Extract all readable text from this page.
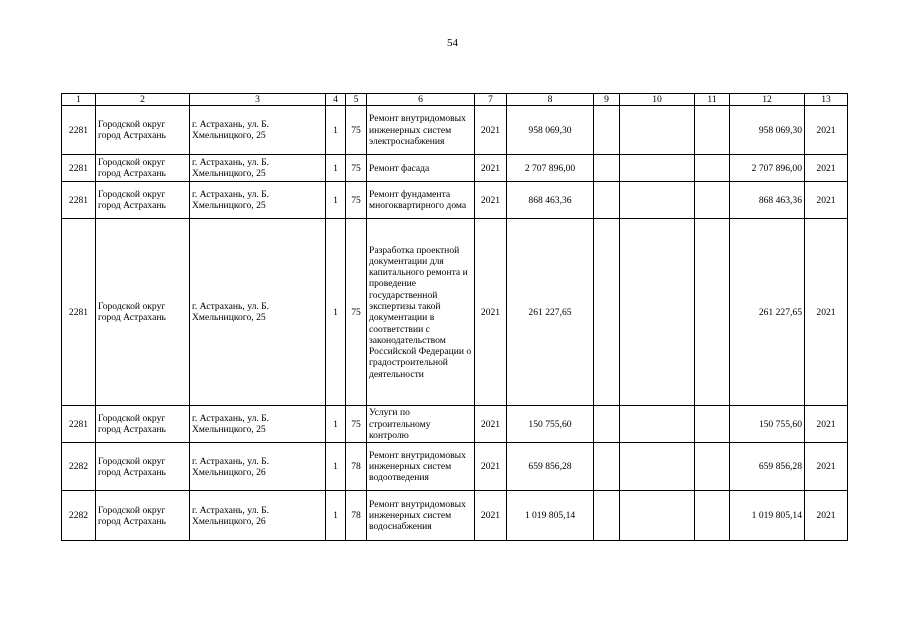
54
1	2	3	4	5	6	7	8	9	10	11	12	13
2281	Городской округ город Астрахань	г. Астрахань, ул. Б. Хмельницкого, 25	1	75	Ремонт внутридомовых инженерных систем электроснабжения	2021	958 069,30				958 069,30	2021
2281	Городской округ город Астрахань	г. Астрахань, ул. Б. Хмельницкого, 25	1	75	Ремонт фасада	2021	2 707 896,00				2 707 896,00	2021
2281	Городской округ город Астрахань	г. Астрахань, ул. Б. Хмельницкого, 25	1	75	Ремонт фундамента многоквартирного дома	2021	868 463,36				868 463,36	2021
2281	Городской округ город Астрахань	г. Астрахань, ул. Б. Хмельницкого, 25	1	75	Разработка проектной документации для капитального ремонта и проведение государственной экспертизы такой документации в соответствии с законодательством Российской Федерации о градостроительной деятельности	2021	261 227,65				261 227,65	2021
2281	Городской округ город Астрахань	г. Астрахань, ул. Б. Хмельницкого, 25	1	75	Услуги по строительному контролю	2021	150 755,60				150 755,60	2021
2282	Городской округ город Астрахань	г. Астрахань, ул. Б. Хмельницкого, 26	1	78	Ремонт внутридомовых инженерных систем водоотведения	2021	659 856,28				659 856,28	2021
2282	Городской округ город Астрахань	г. Астрахань, ул. Б. Хмельницкого, 26	1	78	Ремонт внутридомовых инженерных систем водоснабжения	2021	1 019 805,14				1 019 805,14	2021
